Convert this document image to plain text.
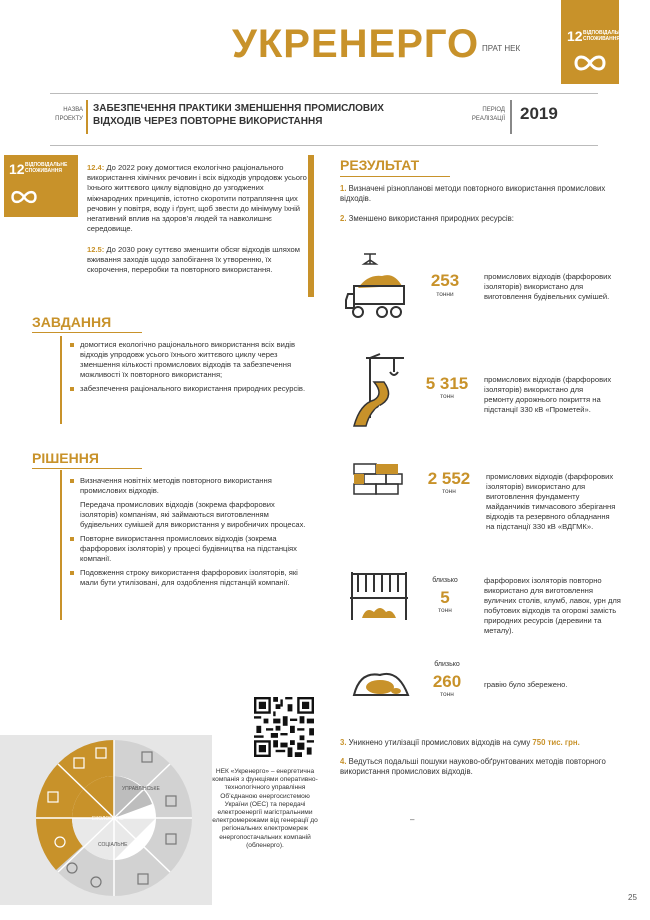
УКРЕНЕРГО ПРАТ НЕК
12 ВІДПОВІДАЛЬНЕ
СПОЖИВАННЯ
НАЗВА
ПРОЕКТУ
ЗАБЕЗПЕЧЕННЯ ПРАКТИКИ ЗМЕНШЕННЯ ПРОМИСЛОВИХ
ВІДХОДІВ ЧЕРЕЗ ПОВТОРНЕ ВИКОРИСТАННЯ
ПЕРІОД
РЕАЛІЗАЦІЇ 2019
12 ВІДПОВІДАЛЬНЕ
СПОЖИВАННЯ	12.4: До 2022 року домогтися екологічно раціонального використання хімічних речовин і всіх відходів упродовж усього їхнього життєвого циклу відповідно до узгоджених міжнародних принципів, істотно скоротити потрапляння цих речовин у повітря, воду і ґрунт, щоб звести до мінімуму їхній негативний вплив на здоров’я людей та навколишнє середовище.

12.5: До 2030 року суттєво зменшити обсяг відходів шляхом вживання заходів щодо запобігання їх утворенню, їх скорочення, переробки та повторного використання.

ЗАВДАННЯ
домогтися екологічно раціонального використання всіх видів відходів упродовж усього їхнього життєвого циклу через зменшення кількості промислових відходів та забезпечення можливості їх повторного використання;
забезпечення раціонального використання природних ресурсів.
РІШЕННЯ
Визначення новітніх методів повторного використання промислових відходів.

Передача промислових відходів (зокрема фарфорових ізоляторів) компаніям, які займаються виготовленням будівельних сумішей для використання у виробничих процесах.

Повторне використання промислових відходів (зокрема фарфорових ізоляторів) у процесі будівництва на підстанціях компанії.
Подовження строку використання фарфорових ізоляторів, які мали бути утилізовані, для оздоблення підстанцій компанії.
РЕЗУЛЬТАТ

1. Визначені різнопланові методи повторного використання промислових відходів.

2. Зменшено використання природних ресурсів:

253
тонни
промислових відходів (фарфорових ізоляторів) використано для виготовлення будівельних сумішей.
5 315
тонн
промислових відходів (фарфорових ізоляторів) використано для ремонту дорожнього покриття на підстанції 330 кВ «Прометей».
2 552
тонн
промислових відходів (фарфорових ізоляторів) використано для виготовлення фундаменту майданчиків тимчасового зберігання відходів та резервного обладнання на підстанції 330 кВ «ВДГМК».
близько
5
тонн
фарфорових ізоляторів повторно використано для виготовлення вуличних столів, клумб, лавок, урн для побутових відходів та огорожі замість природних ресурсів (деревини та металу).
близько
260
тонн
гравію було збережено.

3. Уникнено утилізації промислових відходів на суму 750 тис. грн.

4. Ведуться подальші пошуки науково-обґрунтованих методів повторного використання промислових відходів.

–
ЕКОЛОГІЧНЕ
УПРАВЛІНСЬКЕ
СОЦІАЛЬНЕ
НЕК «Укренерго» – енергетична компанія з функціями оперативно-технологічного управління Об’єднаною енергосистемою України (ОЕС) та передачі електроенергії магістральними електромережами від генерації до регіональних електромереж енергопостачальних компаній (обленерго).
25
